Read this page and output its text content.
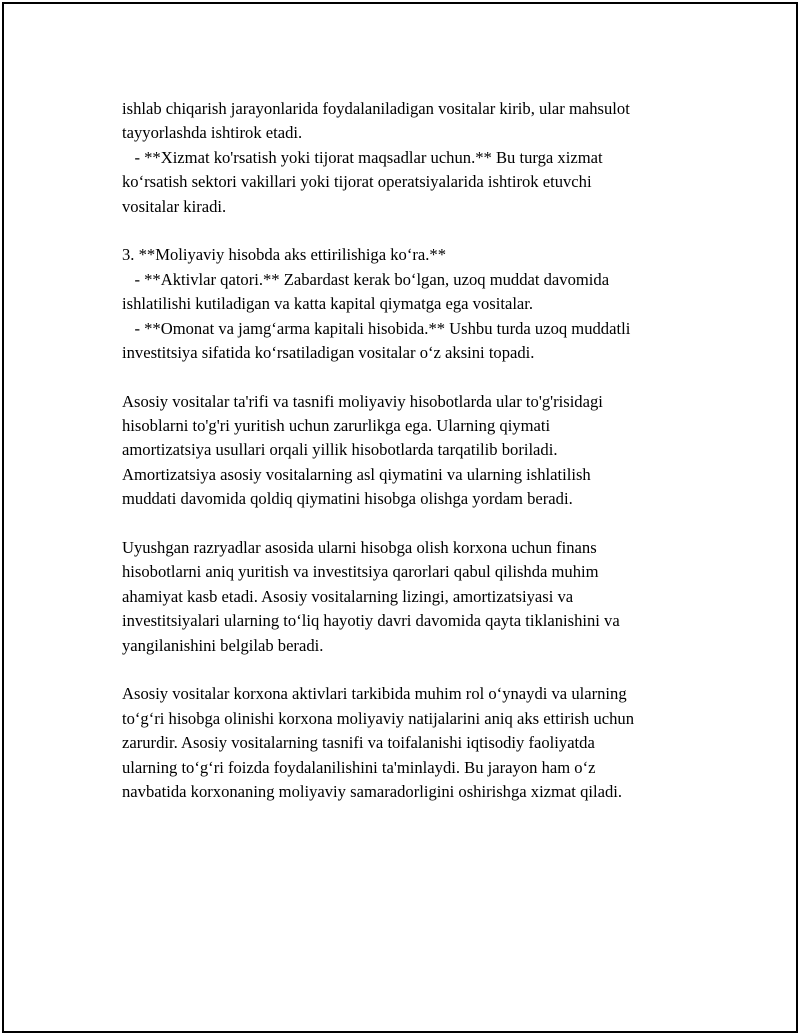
ishlab chiqarish jarayonlarida foydalaniladigan vositalar kirib, ular mahsulot
tayyorlashda ishtirok etadi.
- **Xizmat ko'rsatish yoki tijorat maqsadlar uchun.** Bu turga xizmat
ko‘rsatish sektori vakillari yoki tijorat operatsiyalarida ishtirok etuvchi
vositalar kiradi.
3. **Moliyaviy hisobda aks ettirilishiga ko‘ra.**
- **Aktivlar qatori.** Zabardast kerak bo‘lgan, uzoq muddat davomida
ishlatilishi kutiladigan va katta kapital qiymatga ega vositalar.
- **Omonat va jamg‘arma kapitali hisobida.** Ushbu turda uzoq muddatli
investitsiya sifatida ko‘rsatiladigan vositalar o‘z aksini topadi.
Asosiy vositalar ta'rifi va tasnifi moliyaviy hisobotlarda ular to'g'risidagi
hisoblarni to'g'ri yuritish uchun zarurlikga ega. Ularning qiymati
amortizatsiya usullari orqali yillik hisobotlarda tarqatilib boriladi.
Amortizatsiya asosiy vositalarning asl qiymatini va ularning ishlatilish
muddati davomida qoldiq qiymatini hisobga olishga yordam beradi.
Uyushgan razryadlar asosida ularni hisobga olish korxona uchun finans
hisobotlarni aniq yuritish va investitsiya qarorlari qabul qilishda muhim
ahamiyat kasb etadi. Asosiy vositalarning lizingi, amortizatsiyasi va
investitsiyalari ularning to‘liq hayotiy davri davomida qayta tiklanishini va
yangilanishini belgilab beradi.
Asosiy vositalar korxona aktivlari tarkibida muhim rol o‘ynaydi va ularning
to‘g‘ri hisobga olinishi korxona moliyaviy natijalarini aniq aks ettirish uchun
zarurdir. Asosiy vositalarning tasnifi va toifalanishi iqtisodiy faoliyatda
ularning to‘g‘ri foizda foydalanilishini ta'minlaydi. Bu jarayon ham o‘z
navbatida korxonaning moliyaviy samaradorligini oshirishga xizmat qiladi.
